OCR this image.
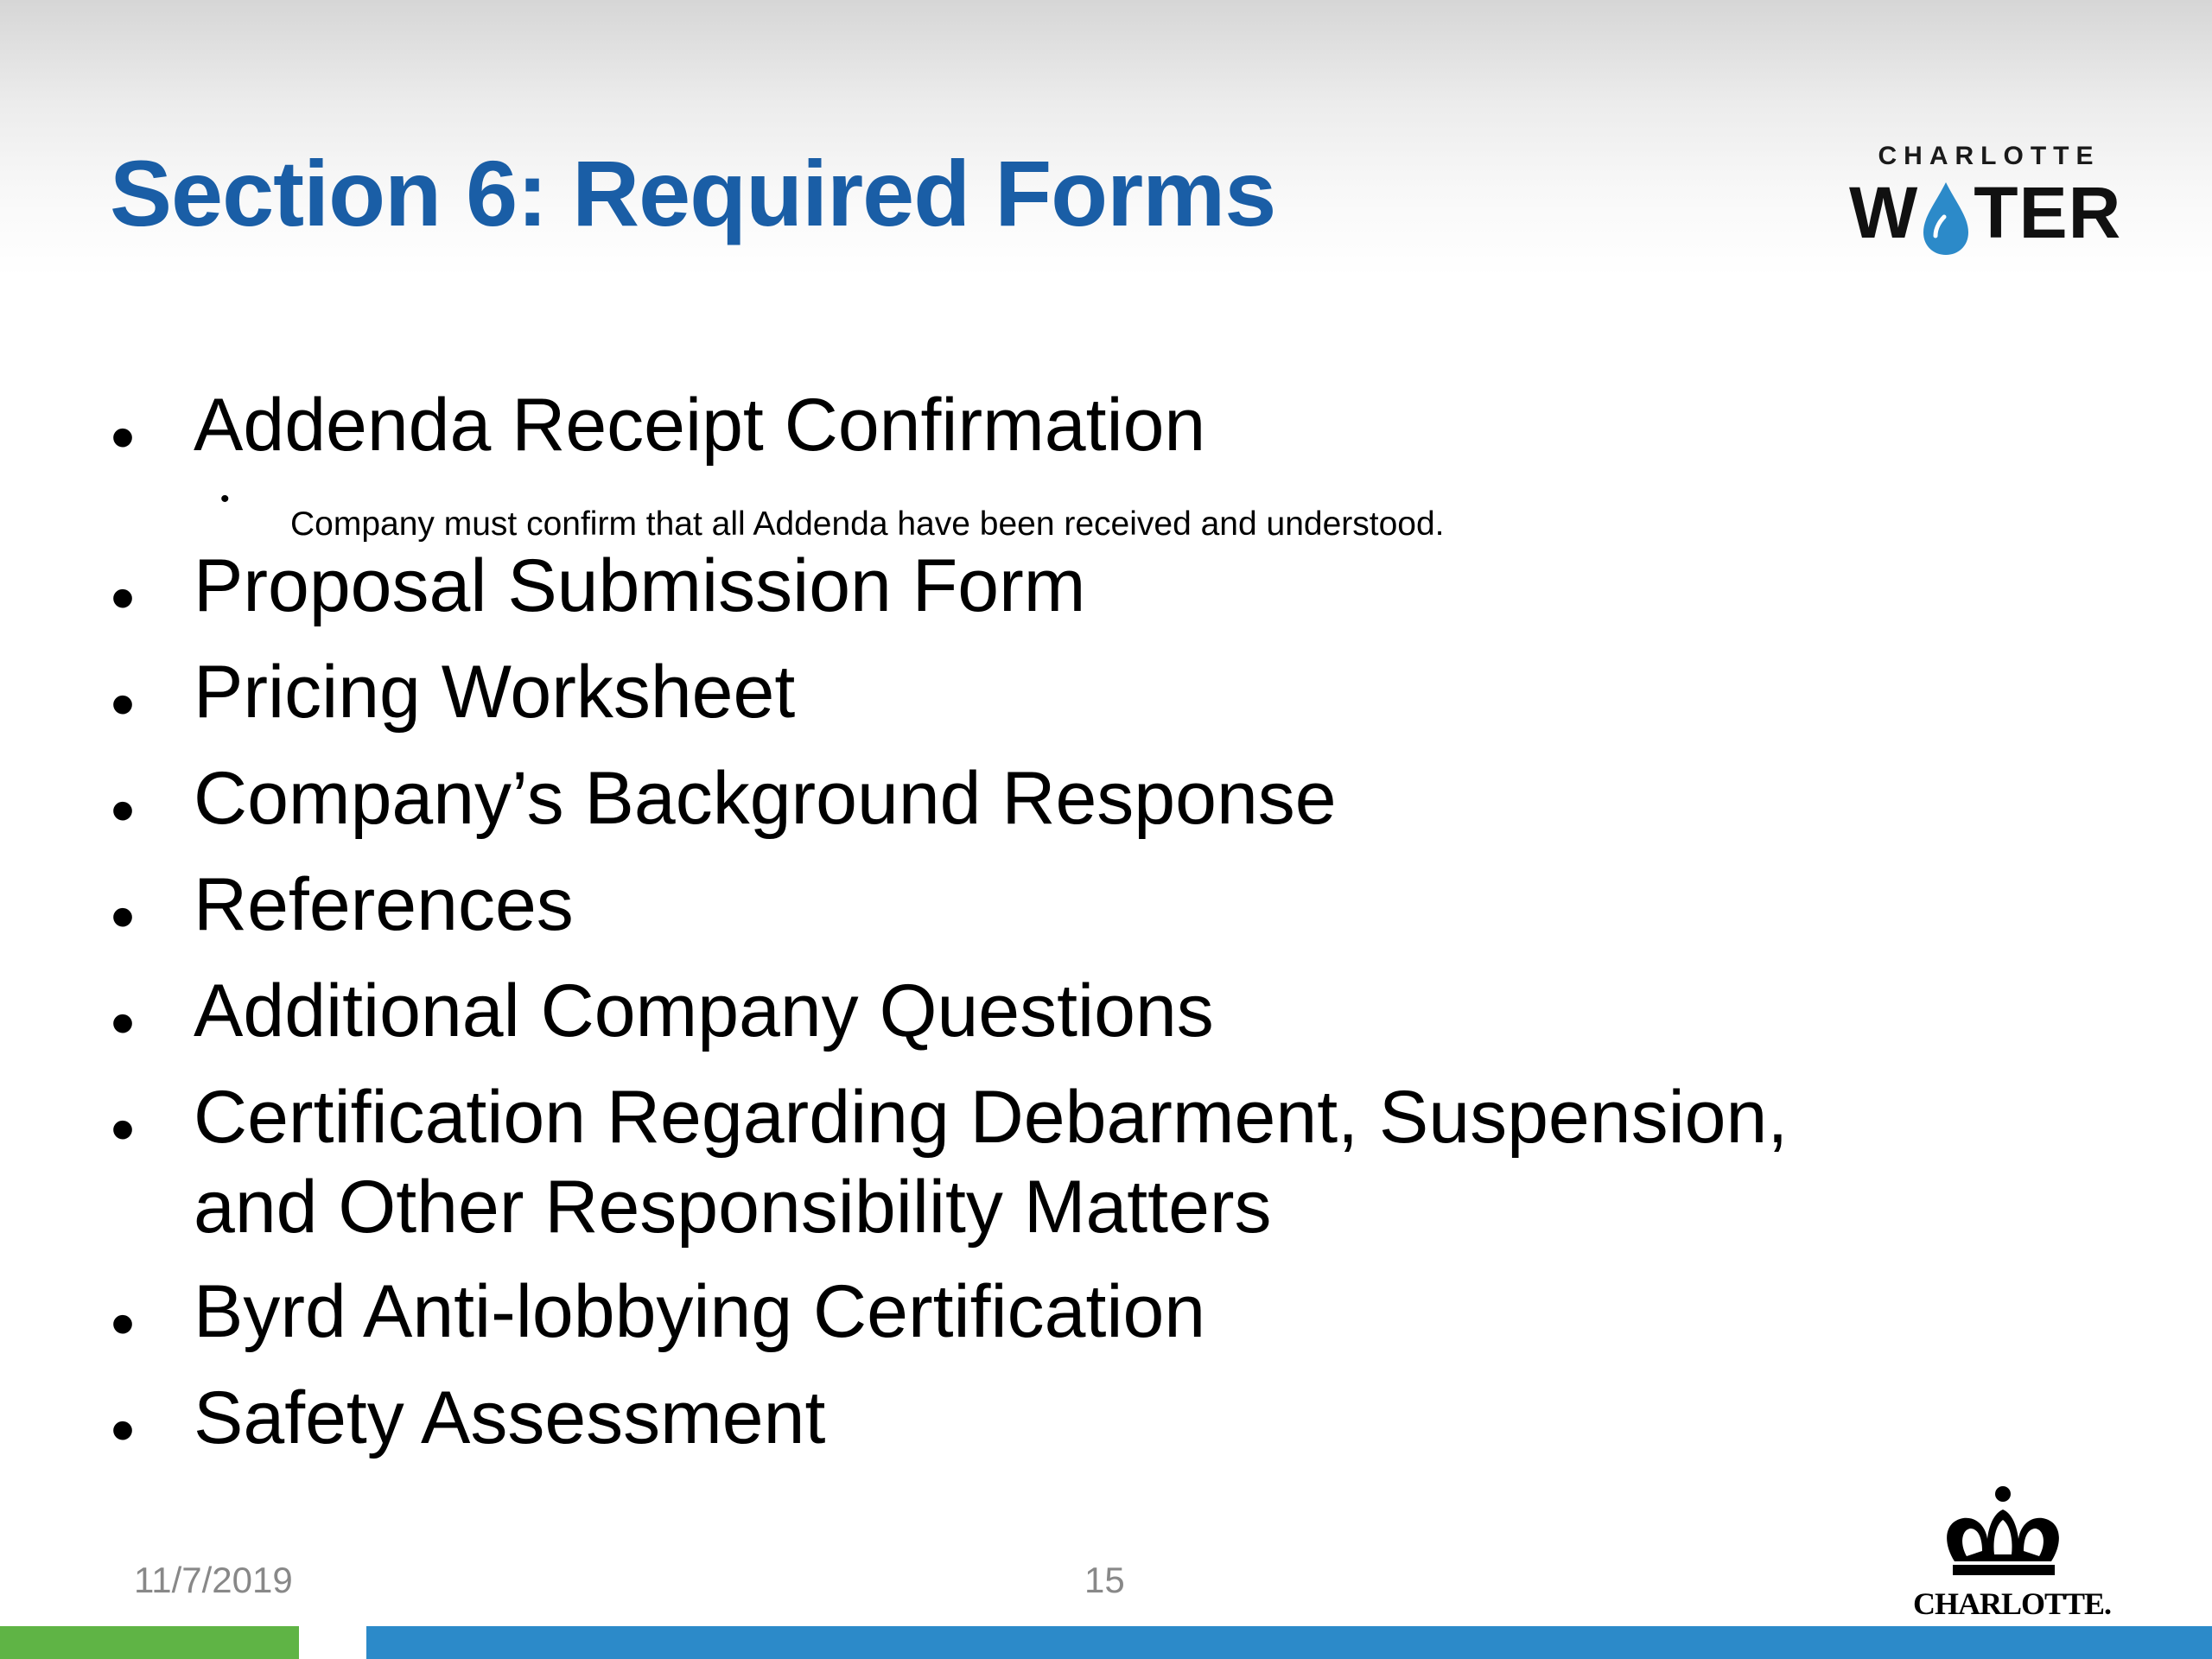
Section 6: Required Forms	CHARLOTTE
W TER
• Addenda Receipt Confirmation
•
Company must confirm that all Addenda have been received and understood.
• Proposal Submission Form
• Pricing Worksheet
• Company’s Background Response
• References
• Additional Company Questions
• Certification Regarding Debarment, Suspension,
and Other Responsibility Matters
• Byrd Anti-lobbying Certification
• Safety Assessment
11/7/2019	15
CHARLOTTE.
